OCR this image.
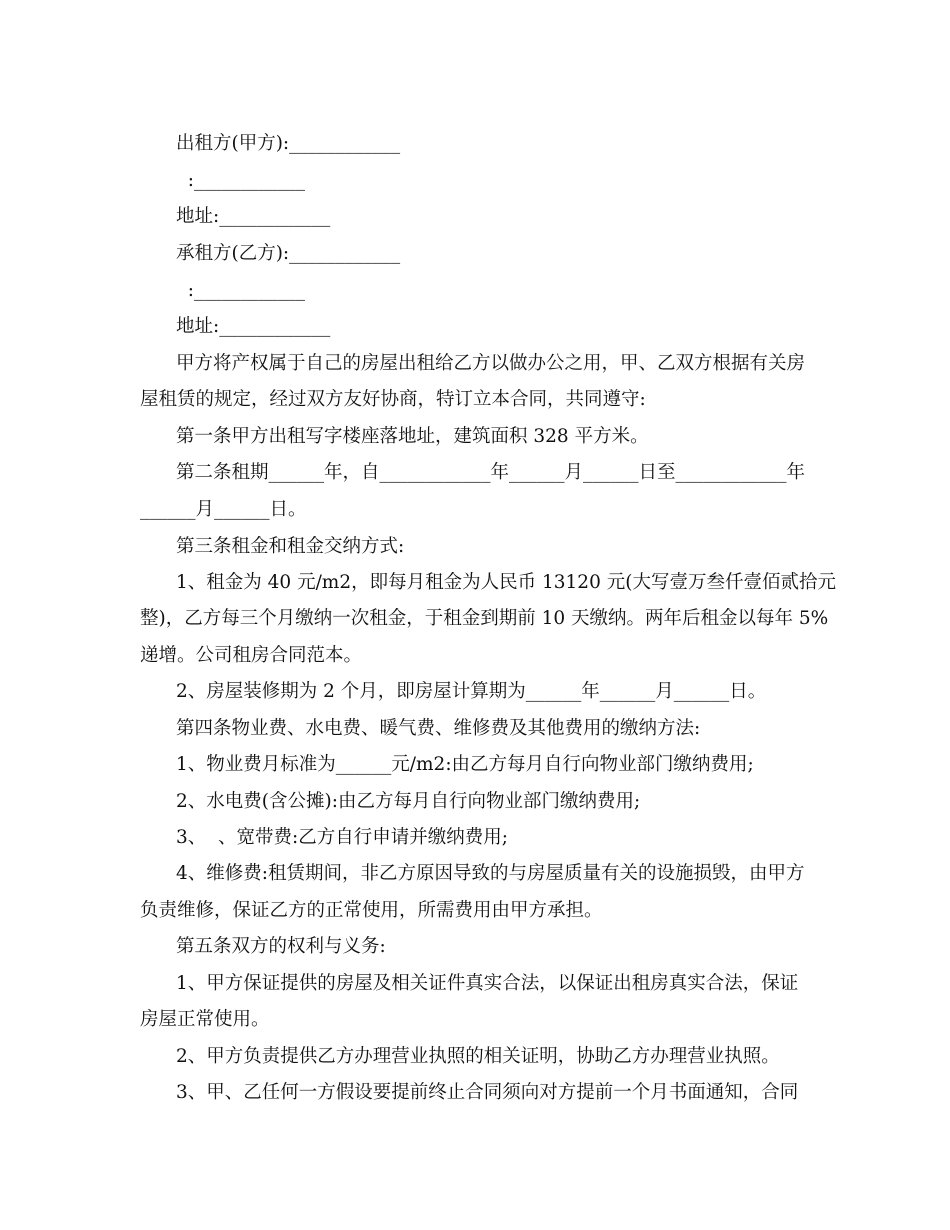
出租方(甲方):____________
:____________
地址:____________
承租方(乙方):____________
:____________
地址:____________
甲方将产权属于自己的房屋出租给乙方以做办公之用，甲、乙双方根据有关房
屋租赁的规定，经过双方友好协商，特订立本合同，共同遵守:
第一条甲方出租写字楼座落地址，建筑面积 328 平方米。
第二条租期______年，自____________年______月______日至____________年
______月______日。
第三条租金和租金交纳方式:
1、租金为 40 元/m2，即每月租金为人民币 13120 元(大写壹万叁仟壹佰贰拾元
整)，乙方每三个月缴纳一次租金，于租金到期前 10 天缴纳。两年后租金以每年 5%
递增。公司租房合同范本。
2、房屋装修期为 2 个月，即房屋计算期为______年______月______日。
第四条物业费、水电费、暖气费、维修费及其他费用的缴纳方法:
1、物业费月标准为______元/m2:由乙方每月自行向物业部门缴纳费用;
2、水电费(含公摊):由乙方每月自行向物业部门缴纳费用;
3、  、宽带费:乙方自行申请并缴纳费用;
4、维修费:租赁期间，非乙方原因导致的与房屋质量有关的设施损毁，由甲方
负责维修，保证乙方的正常使用，所需费用由甲方承担。
第五条双方的权利与义务:
1、甲方保证提供的房屋及相关证件真实合法，以保证出租房真实合法，保证
房屋正常使用。
2、甲方负责提供乙方办理营业执照的相关证明，协助乙方办理营业执照。
3、甲、乙任何一方假设要提前终止合同须向对方提前一个月书面通知，合同
